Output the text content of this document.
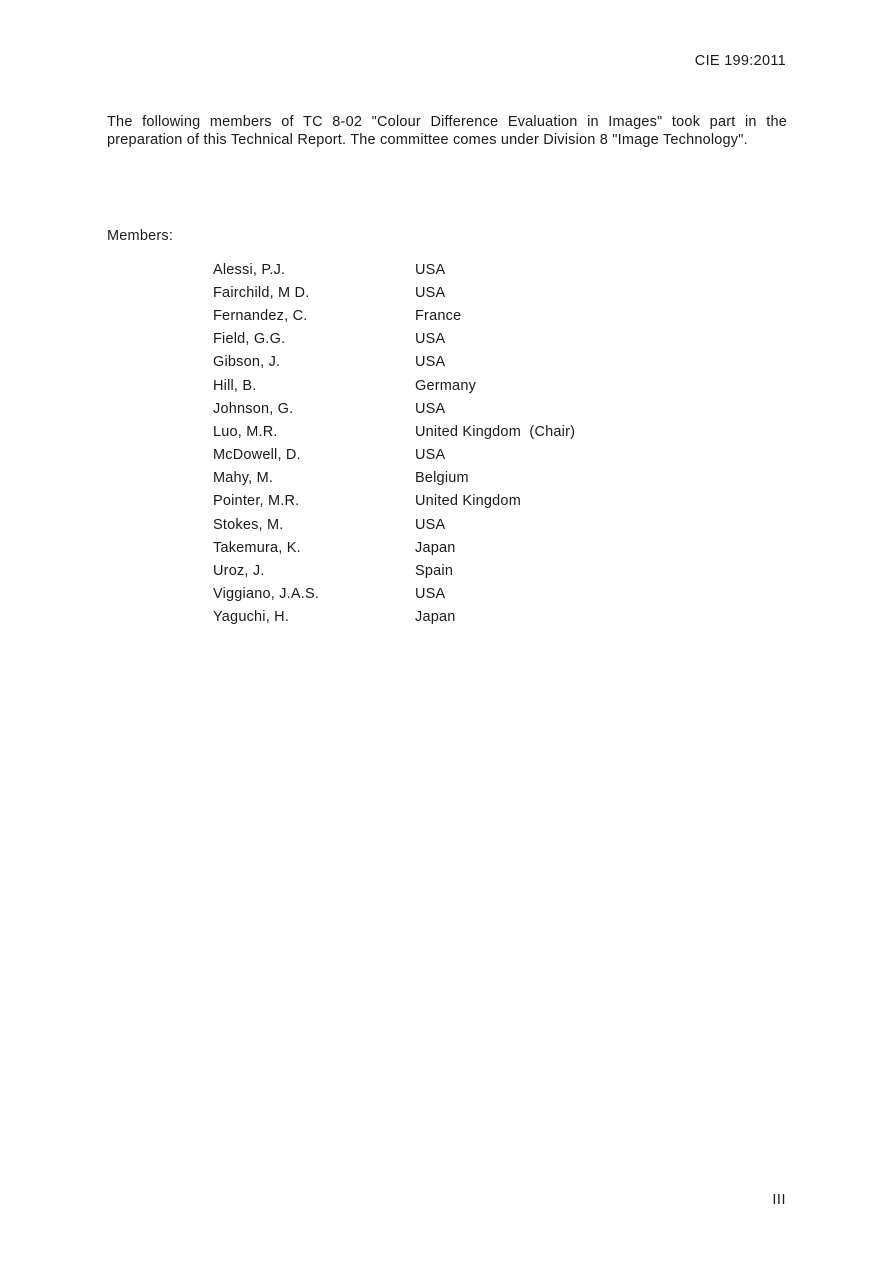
CIE 199:2011

The following members of TC 8-02 "Colour Difference Evaluation in Images" took part in the preparation of this Technical Report. The committee comes under Division 8 "Image Technology".

Members:
Alessi, P.J.	USA
Fairchild, M D.	USA
Fernandez, C.	France
Field, G.G.	USA
Gibson, J.	USA
Hill, B.	Germany
Johnson, G.	USA
Luo, M.R.	United Kingdom  (Chair)
McDowell, D.	USA
Mahy, M.	Belgium
Pointer, M.R.	United Kingdom
Stokes, M.	USA
Takemura, K.	Japan
Uroz, J.	Spain
Viggiano, J.A.S.	USA
Yaguchi, H.	Japan
III
